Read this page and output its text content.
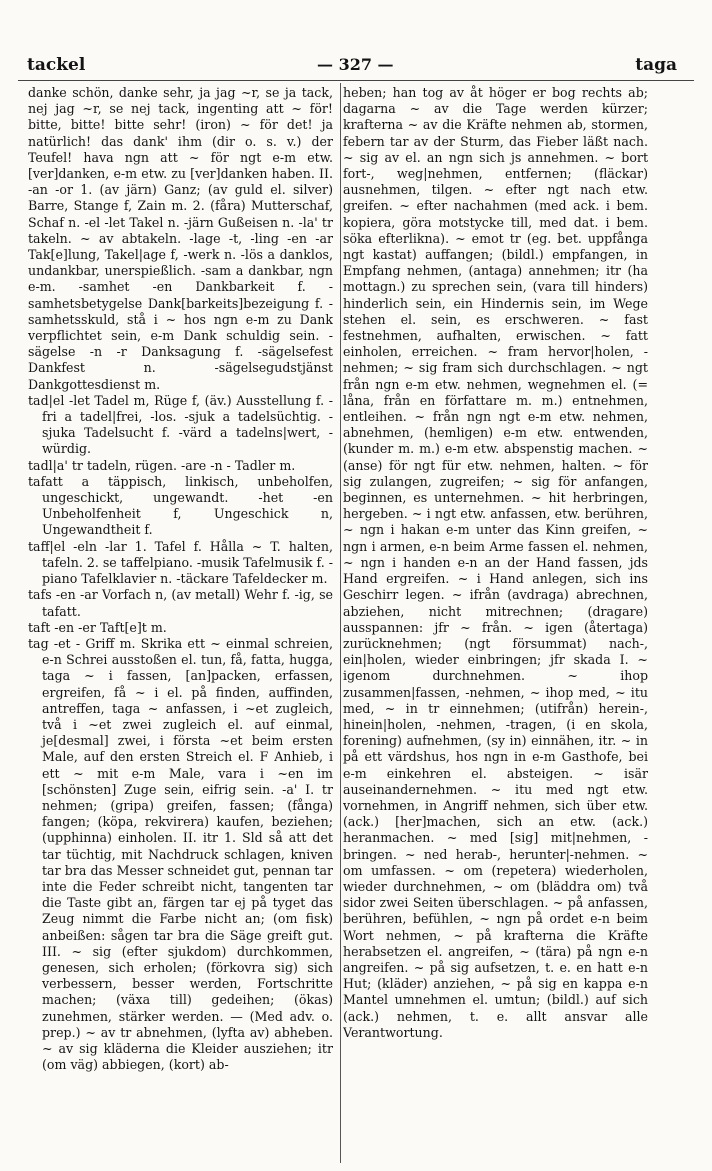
tackel	— 327 —	taga

danke schön, danke sehr, ja jag ~r, se ja tack, nej jag ~r, se nej tack, ingenting att ~ för! bitte, bitte! bitte sehr! (iron) ~ för det! ja natürlich! das dank' ihm (dir o. s. v.) der Teufel! hava ngn att ~ för ngt e-m etw. [ver]danken, e-m etw. zu [ver]danken haben. II. -an -or 1. (av järn) Ganz; (av guld el. silver) Barre, Stange f, Zain m. 2. (fåra) Mutterschaf, Schaf n. -el -let Takel n. -järn Gußeisen n. -la' tr takeln. ~ av abtakeln. -lage -t, -ling -en -ar Tak[e]lung, Takel|age f, -werk n. -lös a danklos, undankbar, unerspießlich. -sam a dankbar, ngn e-m. -samhet -en Dankbarkeit f. -samhetsbetygelse Dank[barkeits]bezeigung f. -samhetsskuld, stå i ~ hos ngn e-m zu Dank verpflichtet sein, e-m Dank schuldig sein. -sägelse -n -r Danksagung f. -sägelsefest Dankfest n. -sägelsegudstjänst Dankgottesdienst m.

tad|el -let Tadel m, Rüge f, (äv.) Ausstellung f. -fri a tadel|frei, -los. -sjuk a tadelsüchtig. -sjuka Tadelsucht f. -värd a tadelns|wert, -würdig.

tadl|a' tr tadeln, rügen. -are -n - Tadler m.

tafatt a täppisch, linkisch, unbeholfen, ungeschickt, ungewandt. -het -en Unbeholfenheit f, Ungeschick n, Ungewandtheit f.

taff|el -eln -lar 1. Tafel f. Hålla ~ T. halten, tafeln. 2. se taffelpiano. -musik Tafelmusik f. -piano Tafelklavier n. -täckare Tafeldecker m.

tafs -en -ar Vorfach n, (av metall) Wehr f. -ig, se tafatt.

taft -en -er Taft[e]t m.

tag -et - Griff m. Skrika ett ~ einmal schreien, e-n Schrei ausstoßen el. tun, få, fatta, hugga, taga ~ i fassen, [an]packen, erfassen, ergreifen, få ~ i el. på finden, auffinden, antreffen, taga ~ anfassen, i ~et zugleich, två i ~et zwei zugleich el. auf einmal, je[desmal] zwei, i första ~et beim ersten Male, auf den ersten Streich el. F Anhieb, i ett ~ mit e-m Male, vara i ~en im [schönsten] Zuge sein, eifrig sein. -a' I. tr nehmen; (gripa) greifen, fassen; (fånga) fangen; (köpa, rekvirera) kaufen, beziehen; (upphinna) einholen. II. itr 1. Sld så att det tar tüchtig, mit Nachdruck schlagen, kniven tar bra das Messer schneidet gut, pennan tar inte die Feder schreibt nicht, tangenten tar die Taste gibt an, färgen tar ej på tyget das Zeug nimmt die Farbe nicht an; (om fisk) anbeißen: sågen tar bra die Säge greift gut. III. ~ sig (efter sjukdom) durchkommen, genesen, sich erholen; (förkovra sig) sich verbessern, besser werden, Fortschritte machen; (växa till) gedeihen; (ökas) zunehmen, stärker werden. — (Med adv. o. prep.) ~ av tr abnehmen, (lyfta av) abheben. ~ av sig kläderna die Kleider ausziehen; itr (om väg) abbiegen, (kort) ab-

heben; han tog av åt höger er bog rechts ab; dagarna ~ av die Tage werden kürzer; krafterna ~ av die Kräfte nehmen ab, stormen, febern tar av der Sturm, das Fieber läßt nach. ~ sig av el. an ngn sich js annehmen. ~ bort fort-, weg|nehmen, entfernen; (fläckar) ausnehmen, tilgen. ~ efter ngt nach etw. greifen. ~ efter nachahmen (med ack. i bem. kopiera, göra motstycke till, med dat. i bem. söka efterlikna). ~ emot tr (eg. bet. uppfånga ngt kastat) auffangen; (bildl.) empfangen, in Empfang nehmen, (antaga) annehmen; itr (ha mottagn.) zu sprechen sein, (vara till hinders) hinderlich sein, ein Hindernis sein, im Wege stehen el. sein, es erschweren. ~ fast festnehmen, aufhalten, erwischen. ~ fatt einholen, erreichen. ~ fram hervor|holen, -nehmen; ~ sig fram sich durchschlagen. ~ ngt från ngn e-m etw. nehmen, wegnehmen el. (= låna, från en författare m. m.) entnehmen, entleihen. ~ från ngn ngt e-m etw. nehmen, abnehmen, (hemligen) e-m etw. entwenden, (kunder m. m.) e-m etw. abspenstig machen. ~ (anse) för ngt für etw. nehmen, halten. ~ för sig zulangen, zugreifen; ~ sig för anfangen, beginnen, es unternehmen. ~ hit herbringen, hergeben. ~ i ngt etw. anfassen, etw. berühren, ~ ngn i hakan e-m unter das Kinn greifen, ~ ngn i armen, e-n beim Arme fassen el. nehmen, ~ ngn i handen e-n an der Hand fassen, jds Hand ergreifen. ~ i Hand anlegen, sich ins Geschirr legen. ~ ifrån (avdraga) abrechnen, abziehen, nicht mitrechnen; (dragare) ausspannen: jfr ~ från. ~ igen (återtaga) zurücknehmen; (ngt försummat) nach-, ein|holen, wieder einbringen; jfr skada I. ~ igenom durchnehmen. ~ ihop zusammen|fassen, -nehmen, ~ ihop med, ~ itu med, ~ in tr einnehmen; (utifrån) herein-, hinein|holen, -nehmen, -tragen, (i en skola, forening) aufnehmen, (sy in) einnähen, itr. ~ in på ett värdshus, hos ngn in e-m Gasthofe, bei e-m einkehren el. absteigen. ~ isär auseinandernehmen. ~ itu med ngt etw. vornehmen, in Angriff nehmen, sich über etw. (ack.) [her]machen, sich an etw. (ack.) heranmachen. ~ med [sig] mit|nehmen, -bringen. ~ ned herab-, herunter|-nehmen. ~ om umfassen. ~ om (repetera) wiederholen, wieder durchnehmen, ~ om (bläddra om) två sidor zwei Seiten überschlagen. ~ på anfassen, berühren, befühlen, ~ ngn på ordet e-n beim Wort nehmen, ~ på krafterna die Kräfte herabsetzen el. angreifen, ~ (tära) på ngn e-n angreifen. ~ på sig aufsetzen, t. e. en hatt e-n Hut; (kläder) anziehen, ~ på sig en kappa e-n Mantel umnehmen el. umtun; (bildl.) auf sich (ack.) nehmen, t. e. allt ansvar alle Verantwortung.
